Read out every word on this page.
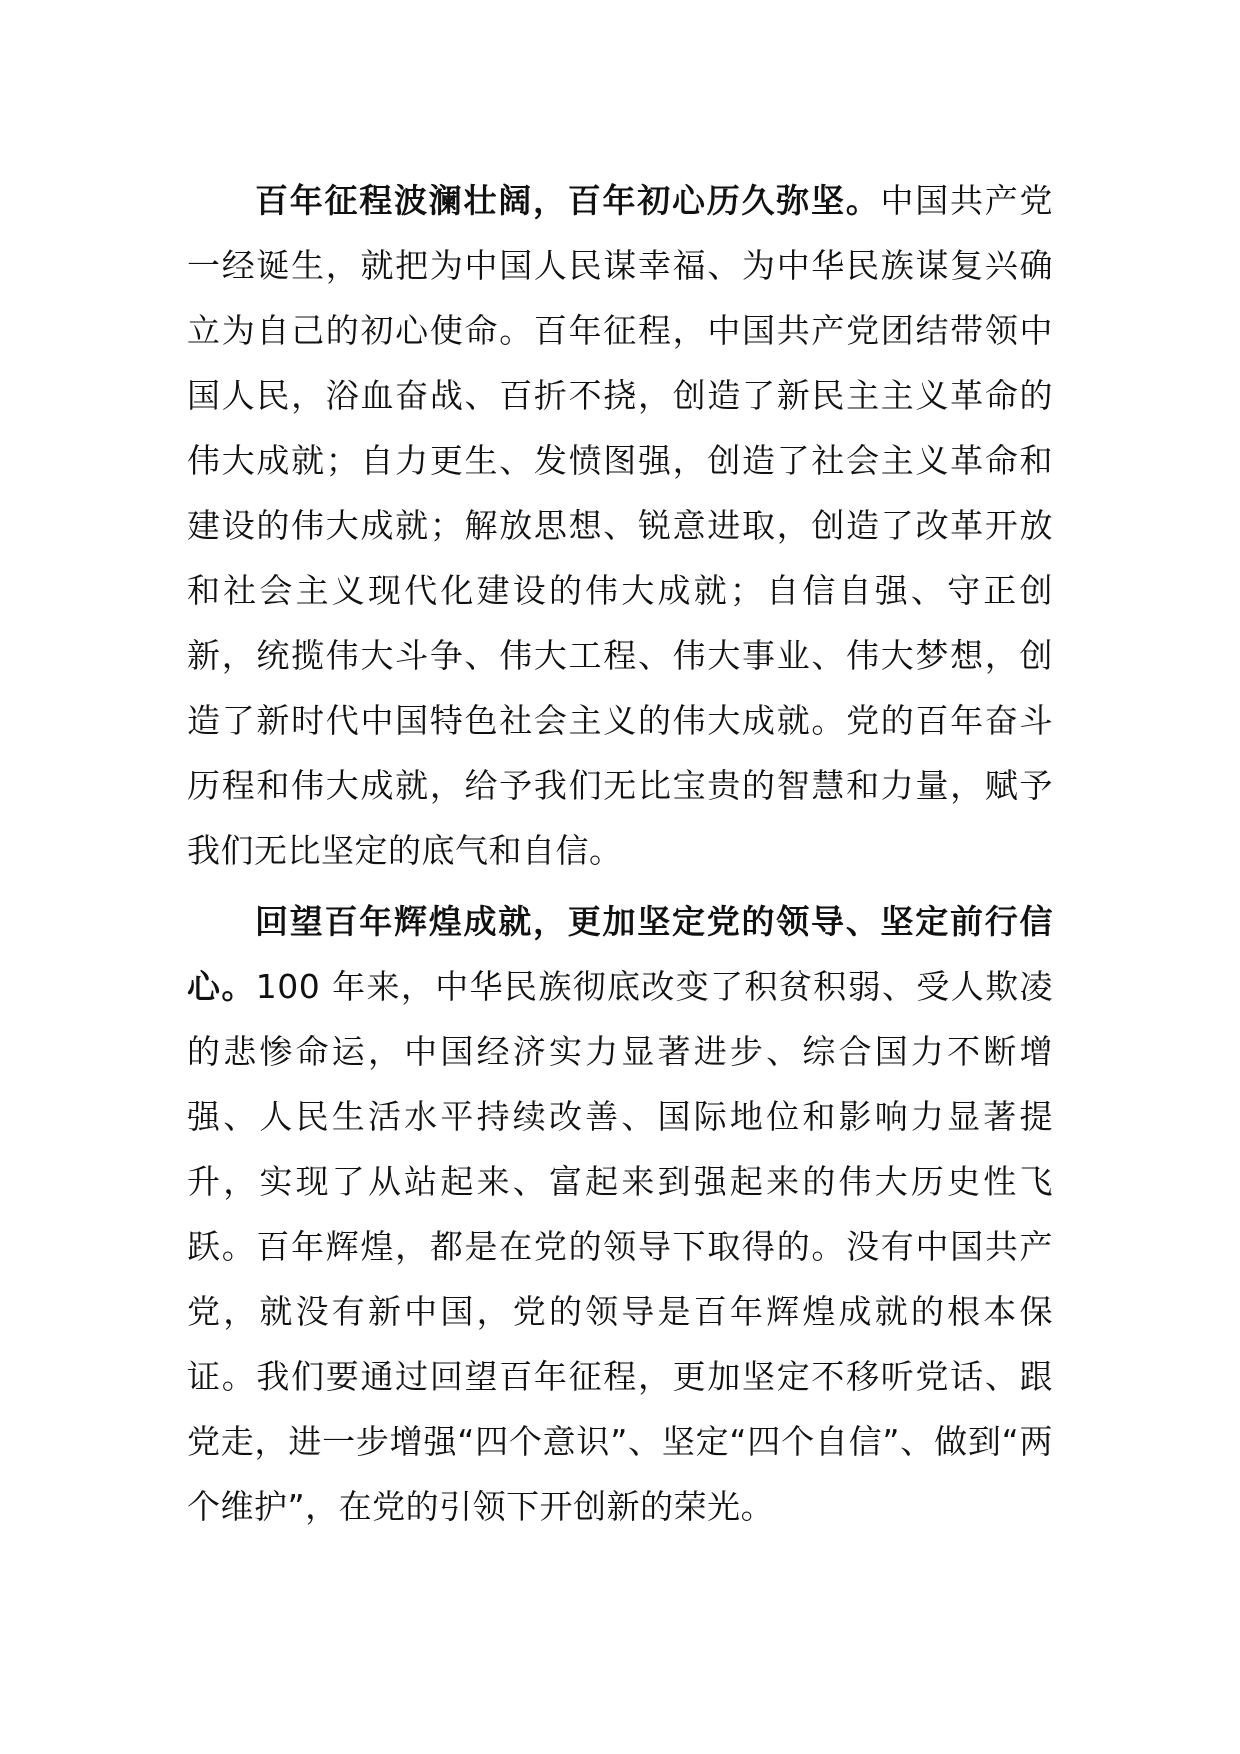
百年征程波澜壮阔，百年初心历久弥坚。中国共产党一经诞生，就把为中国人民谋幸福、为中华民族谋复兴确立为自己的初心使命。百年征程，中国共产党团结带领中国人民，浴血奋战、百折不挠，创造了新民主主义革命的伟大成就；自力更生、发愤图强，创造了社会主义革命和建设的伟大成就；解放思想、锐意进取，创造了改革开放和社会主义现代化建设的伟大成就；自信自强、守正创新，统揽伟大斗争、伟大工程、伟大事业、伟大梦想，创造了新时代中国特色社会主义的伟大成就。党的百年奋斗历程和伟大成就，给予我们无比宝贵的智慧和力量，赋予我们无比坚定的底气和自信。

回望百年辉煌成就，更加坚定党的领导、坚定前行信心。100 年来，中华民族彻底改变了积贫积弱、受人欺凌的悲惨命运，中国经济实力显著进步、综合国力不断增强、人民生活水平持续改善、国际地位和影响力显著提升，实现了从站起来、富起来到强起来的伟大历史性飞跃。百年辉煌，都是在党的领导下取得的。没有中国共产党，就没有新中国，党的领导是百年辉煌成就的根本保证。我们要通过回望百年征程，更加坚定不移听党话、跟党走，进一步增强“四个意识”、坚定“四个自信”、做到“两个维护”，在党的引领下开创新的荣光。
